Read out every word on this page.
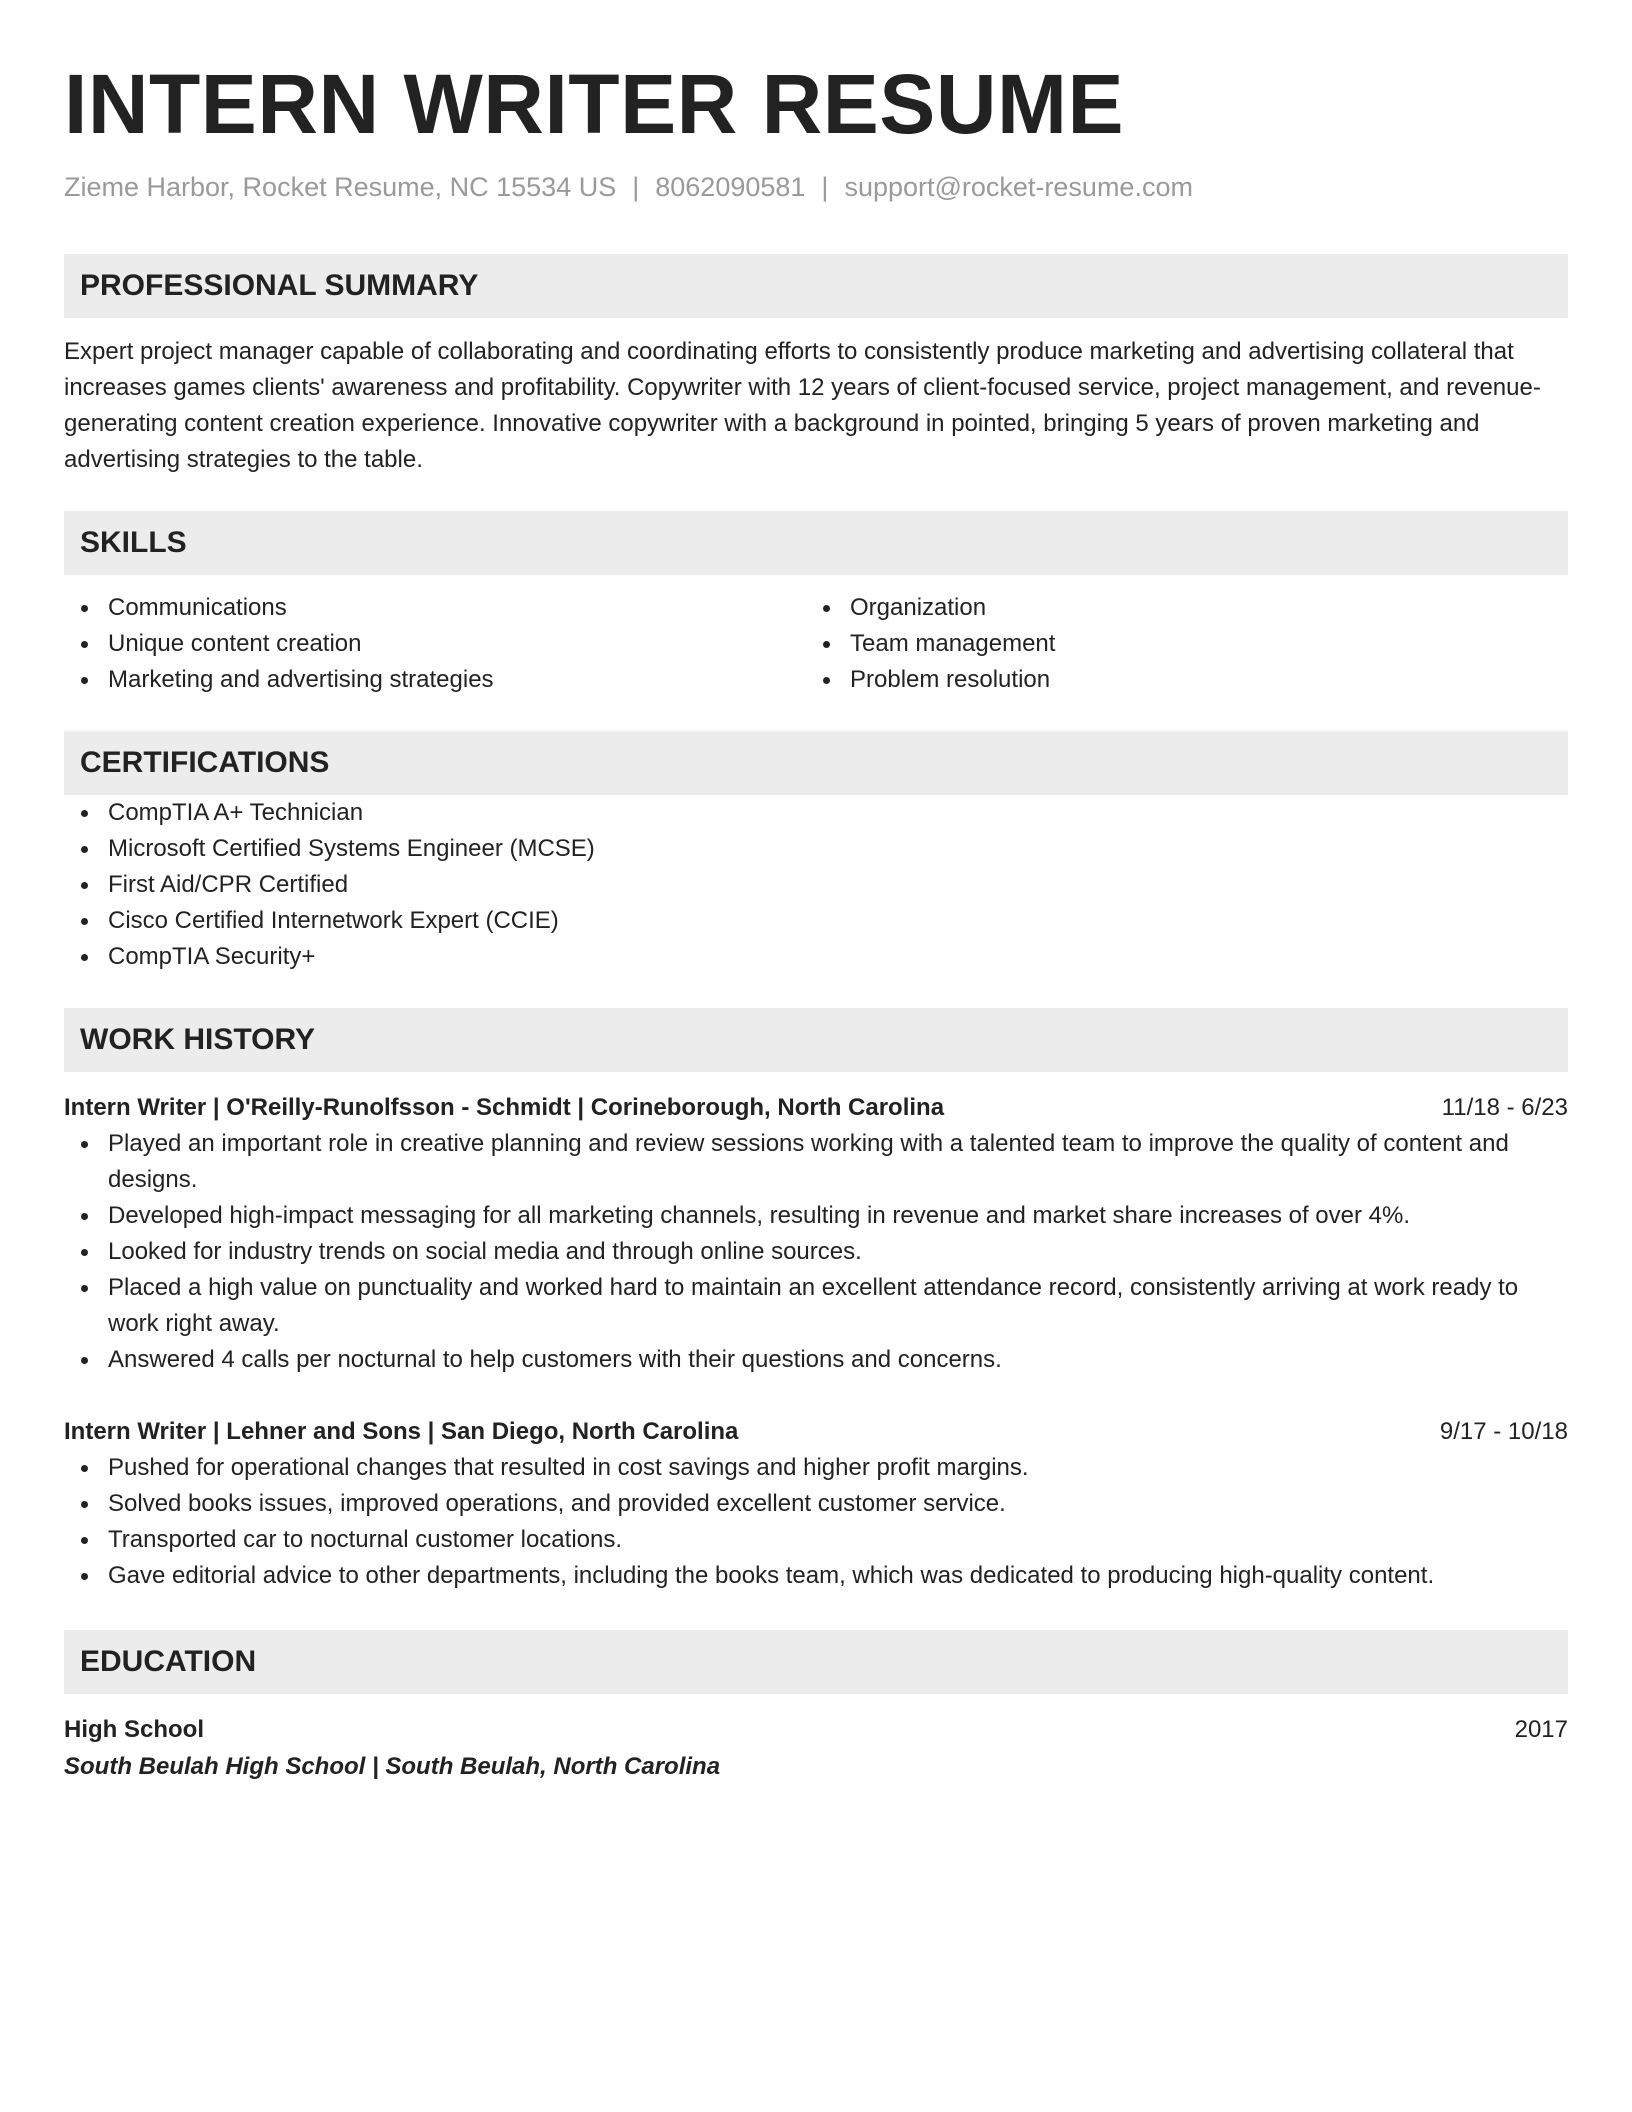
INTERN WRITER RESUME
Zieme Harbor, Rocket Resume, NC 15534 US | 8062090581 | support@rocket-resume.com
PROFESSIONAL SUMMARY
Expert project manager capable of collaborating and coordinating efforts to consistently produce marketing and advertising collateral that increases games clients' awareness and profitability. Copywriter with 12 years of client-focused service, project management, and revenue-generating content creation experience. Innovative copywriter with a background in pointed, bringing 5 years of proven marketing and advertising strategies to the table.
SKILLS
Communications
Unique content creation
Marketing and advertising strategies
Organization
Team management
Problem resolution
CERTIFICATIONS
CompTIA A+ Technician
Microsoft Certified Systems Engineer (MCSE)
First Aid/CPR Certified
Cisco Certified Internetwork Expert (CCIE)
CompTIA Security+
WORK HISTORY
Intern Writer | O'Reilly-Runolfsson - Schmidt | Corineborough, North Carolina	11/18 - 6/23
Played an important role in creative planning and review sessions working with a talented team to improve the quality of content and designs.
Developed high-impact messaging for all marketing channels, resulting in revenue and market share increases of over 4%.
Looked for industry trends on social media and through online sources.
Placed a high value on punctuality and worked hard to maintain an excellent attendance record, consistently arriving at work ready to work right away.
Answered 4 calls per nocturnal to help customers with their questions and concerns.
Intern Writer | Lehner and Sons | San Diego, North Carolina	9/17 - 10/18
Pushed for operational changes that resulted in cost savings and higher profit margins.
Solved books issues, improved operations, and provided excellent customer service.
Transported car to nocturnal customer locations.
Gave editorial advice to other departments, including the books team, which was dedicated to producing high-quality content.
EDUCATION
High School	2017
South Beulah High School | South Beulah, North Carolina
